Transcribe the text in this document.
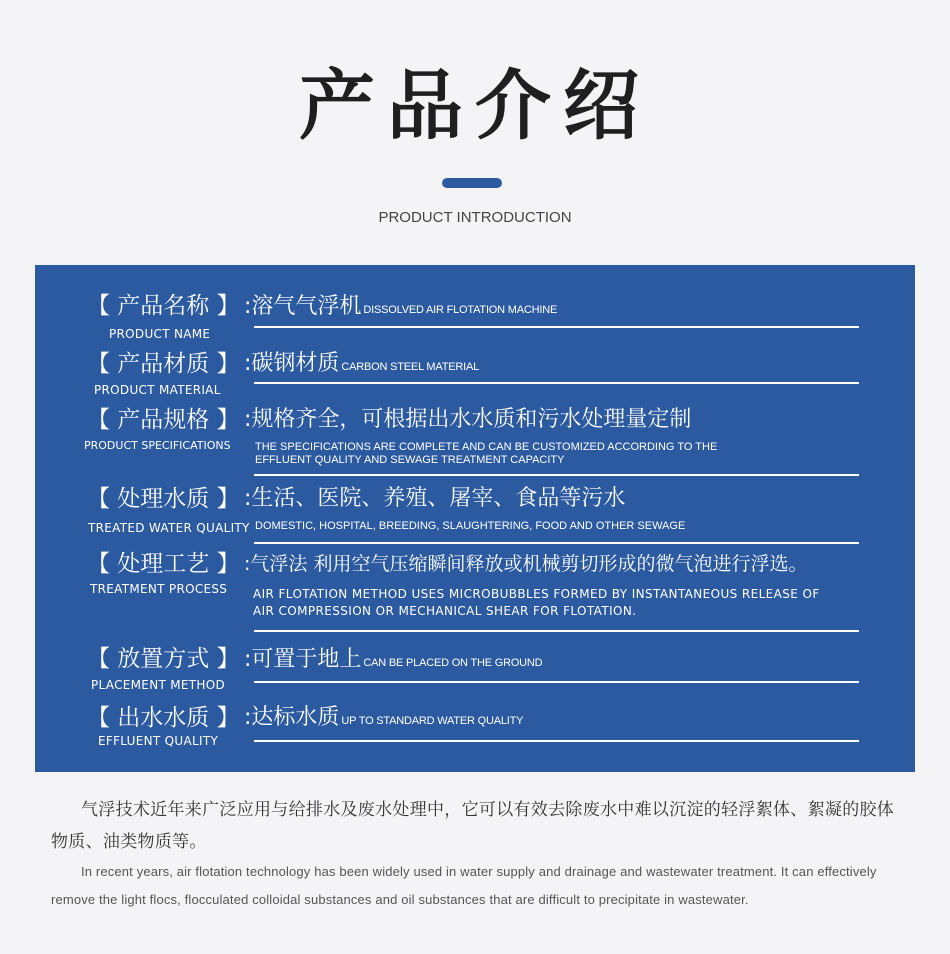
产品介绍
PRODUCT INTRODUCTION
【 产品名称 】
PRODUCT NAME
:溶气气浮机 DISSOLVED AIR FLOTATION MACHINE
【 产品材质 】
PRODUCT MATERIAL
:碳钢材质 CARBON STEEL MATERIAL
【 产品规格 】
PRODUCT SPECIFICATIONS
:规格齐全，可根据出水水质和污水处理量定制
THE SPECIFICATIONS ARE COMPLETE AND CAN BE CUSTOMIZED ACCORDING TO THE
EFFLUENT QUALITY AND SEWAGE TREATMENT CAPACITY
【 处理水质 】
TREATED WATER QUALITY
:生活、医院、养殖、屠宰、食品等污水
DOMESTIC, HOSPITAL, BREEDING, SLAUGHTERING, FOOD AND OTHER SEWAGE
【 处理工艺 】
TREATMENT PROCESS
:气浮法 利用空气压缩瞬间释放或机械剪切形成的微气泡进行浮选。
AIR FLOTATION METHOD USES MICROBUBBLES FORMED BY INSTANTANEOUS RELEASE OF
AIR COMPRESSION OR MECHANICAL SHEAR FOR FLOTATION.
【 放置方式 】
PLACEMENT METHOD
:可置于地上 CAN BE PLACED ON THE GROUND
【 出水水质 】
EFFLUENT QUALITY
:达标水质 UP TO STANDARD WATER QUALITY
气浮技术近年来广泛应用与给排水及废水处理中，它可以有效去除废水中难以沉淀的轻浮絮体、絮凝的胶体物质、油类物质等。
In recent years, air flotation technology has been widely used in water supply and drainage and wastewater treatment. It can effectively remove the light flocs, flocculated colloidal substances and oil substances that are difficult to precipitate in wastewater.
